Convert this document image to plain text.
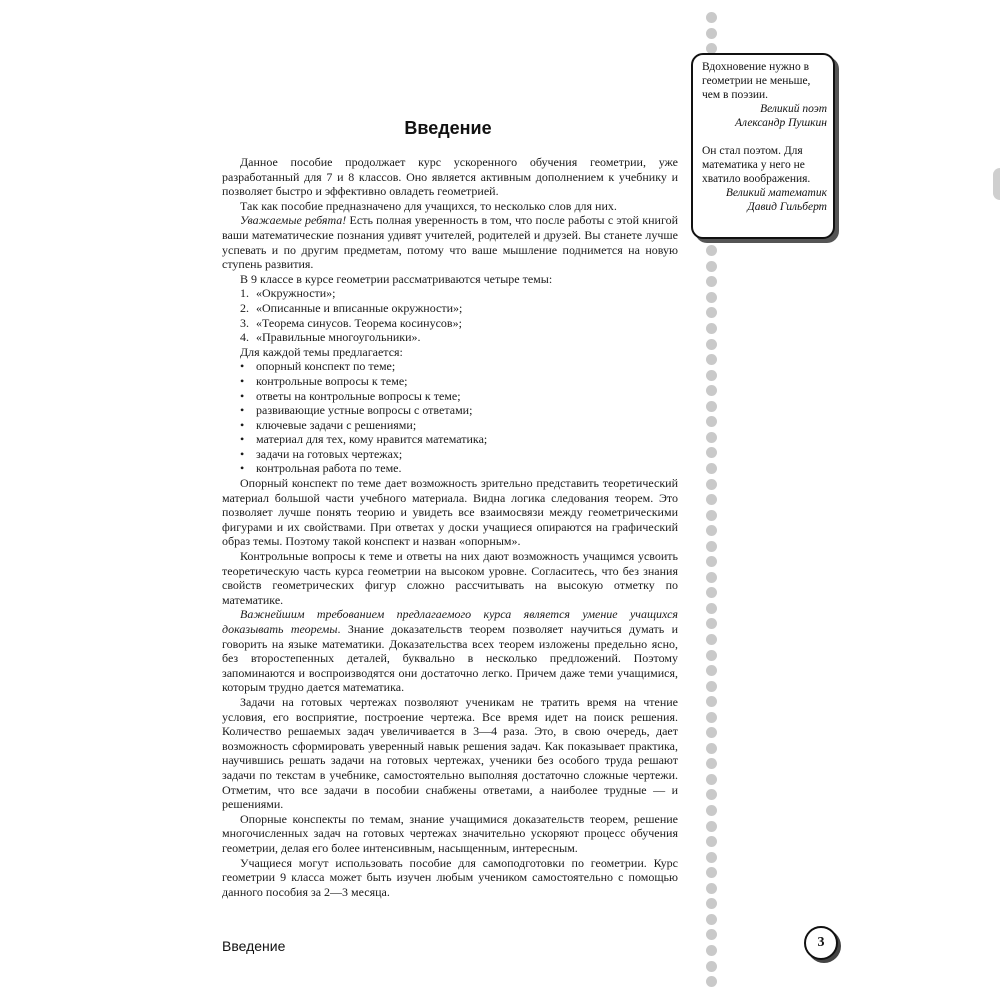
Вдохновение нужно в геометрии не меньше, чем в поэзии.
Великий поэт
Александр Пушкин
Он стал поэтом. Для математика у него не хватило воображения.
Великий математик
Давид Гильберт
Введение

Данное пособие продолжает курс ускоренного обучения геометрии, уже разработанный для 7 и 8 классов. Оно является активным дополнением к учебнику и позволяет быстро и эффективно овладеть геометрией.

Так как пособие предназначено для учащихся, то несколько слов для них.

Уважаемые ребята! Есть полная уверенность в том, что после работы с этой книгой ваши математические познания удивят учителей, родителей и друзей. Вы станете лучше успевать и по другим предметам, потому что ваше мышление поднимется на новую ступень развития.

В 9 классе в курсе геометрии рассматриваются четыре темы:

1. «Окружности»;
2. «Описанные и вписанные окружности»;
3. «Теорема синусов. Теорема косинусов»;
4. «Правильные многоугольники».

Для каждой темы предлагается:

• опорный конспект по теме;
• контрольные вопросы к теме;
• ответы на контрольные вопросы к теме;
• развивающие устные вопросы с ответами;
• ключевые задачи с решениями;
• материал для тех, кому нравится математика;
• задачи на готовых чертежах;
• контрольная работа по теме.

Опорный конспект по теме дает возможность зрительно представить теоретический материал большой части учебного материала. Видна логика следования теорем. Это позволяет лучше понять теорию и увидеть все взаимосвязи между геометрическими фигурами и их свойствами. При ответах у доски учащиеся опираются на графический образ темы. Поэтому такой конспект и назван «опорным».

Контрольные вопросы к теме и ответы на них дают возможность учащимся усвоить теоретическую часть курса геометрии на высоком уровне. Согласитесь, что без знания свойств геометрических фигур сложно рассчитывать на высокую отметку по математике.

Важнейшим требованием предлагаемого курса является умение учащихся доказывать теоремы. Знание доказательств теорем позволяет научиться думать и говорить на языке математики. Доказательства всех теорем изложены предельно ясно, без второстепенных деталей, буквально в несколько предложений. Поэтому запоминаются и воспроизводятся они достаточно легко. Причем даже теми учащимися, которым трудно дается математика.

Задачи на готовых чертежах позволяют ученикам не тратить время на чтение условия, его восприятие, построение чертежа. Все время идет на поиск решения. Количество решаемых задач увеличивается в 3—4 раза. Это, в свою очередь, дает возможность сформировать уверенный навык решения задач. Как показывает практика, научившись решать задачи на готовых чертежах, ученики без особого труда решают задачи по текстам в учебнике, самостоятельно выполняя достаточно сложные чертежи. Отметим, что все задачи в пособии снабжены ответами, а наиболее трудные — и решениями.

Опорные конспекты по темам, знание учащимися доказательств теорем, решение многочисленных задач на готовых чертежах значительно ускоряют процесс обучения геометрии, делая его более интенсивным, насыщенным, интересным.

Учащиеся могут использовать пособие для самоподготовки по геометрии. Курс геометрии 9 класса может быть изучен любым учеником самостоятельно с помощью данного пособия за 2—3 месяца.

Введение	3
